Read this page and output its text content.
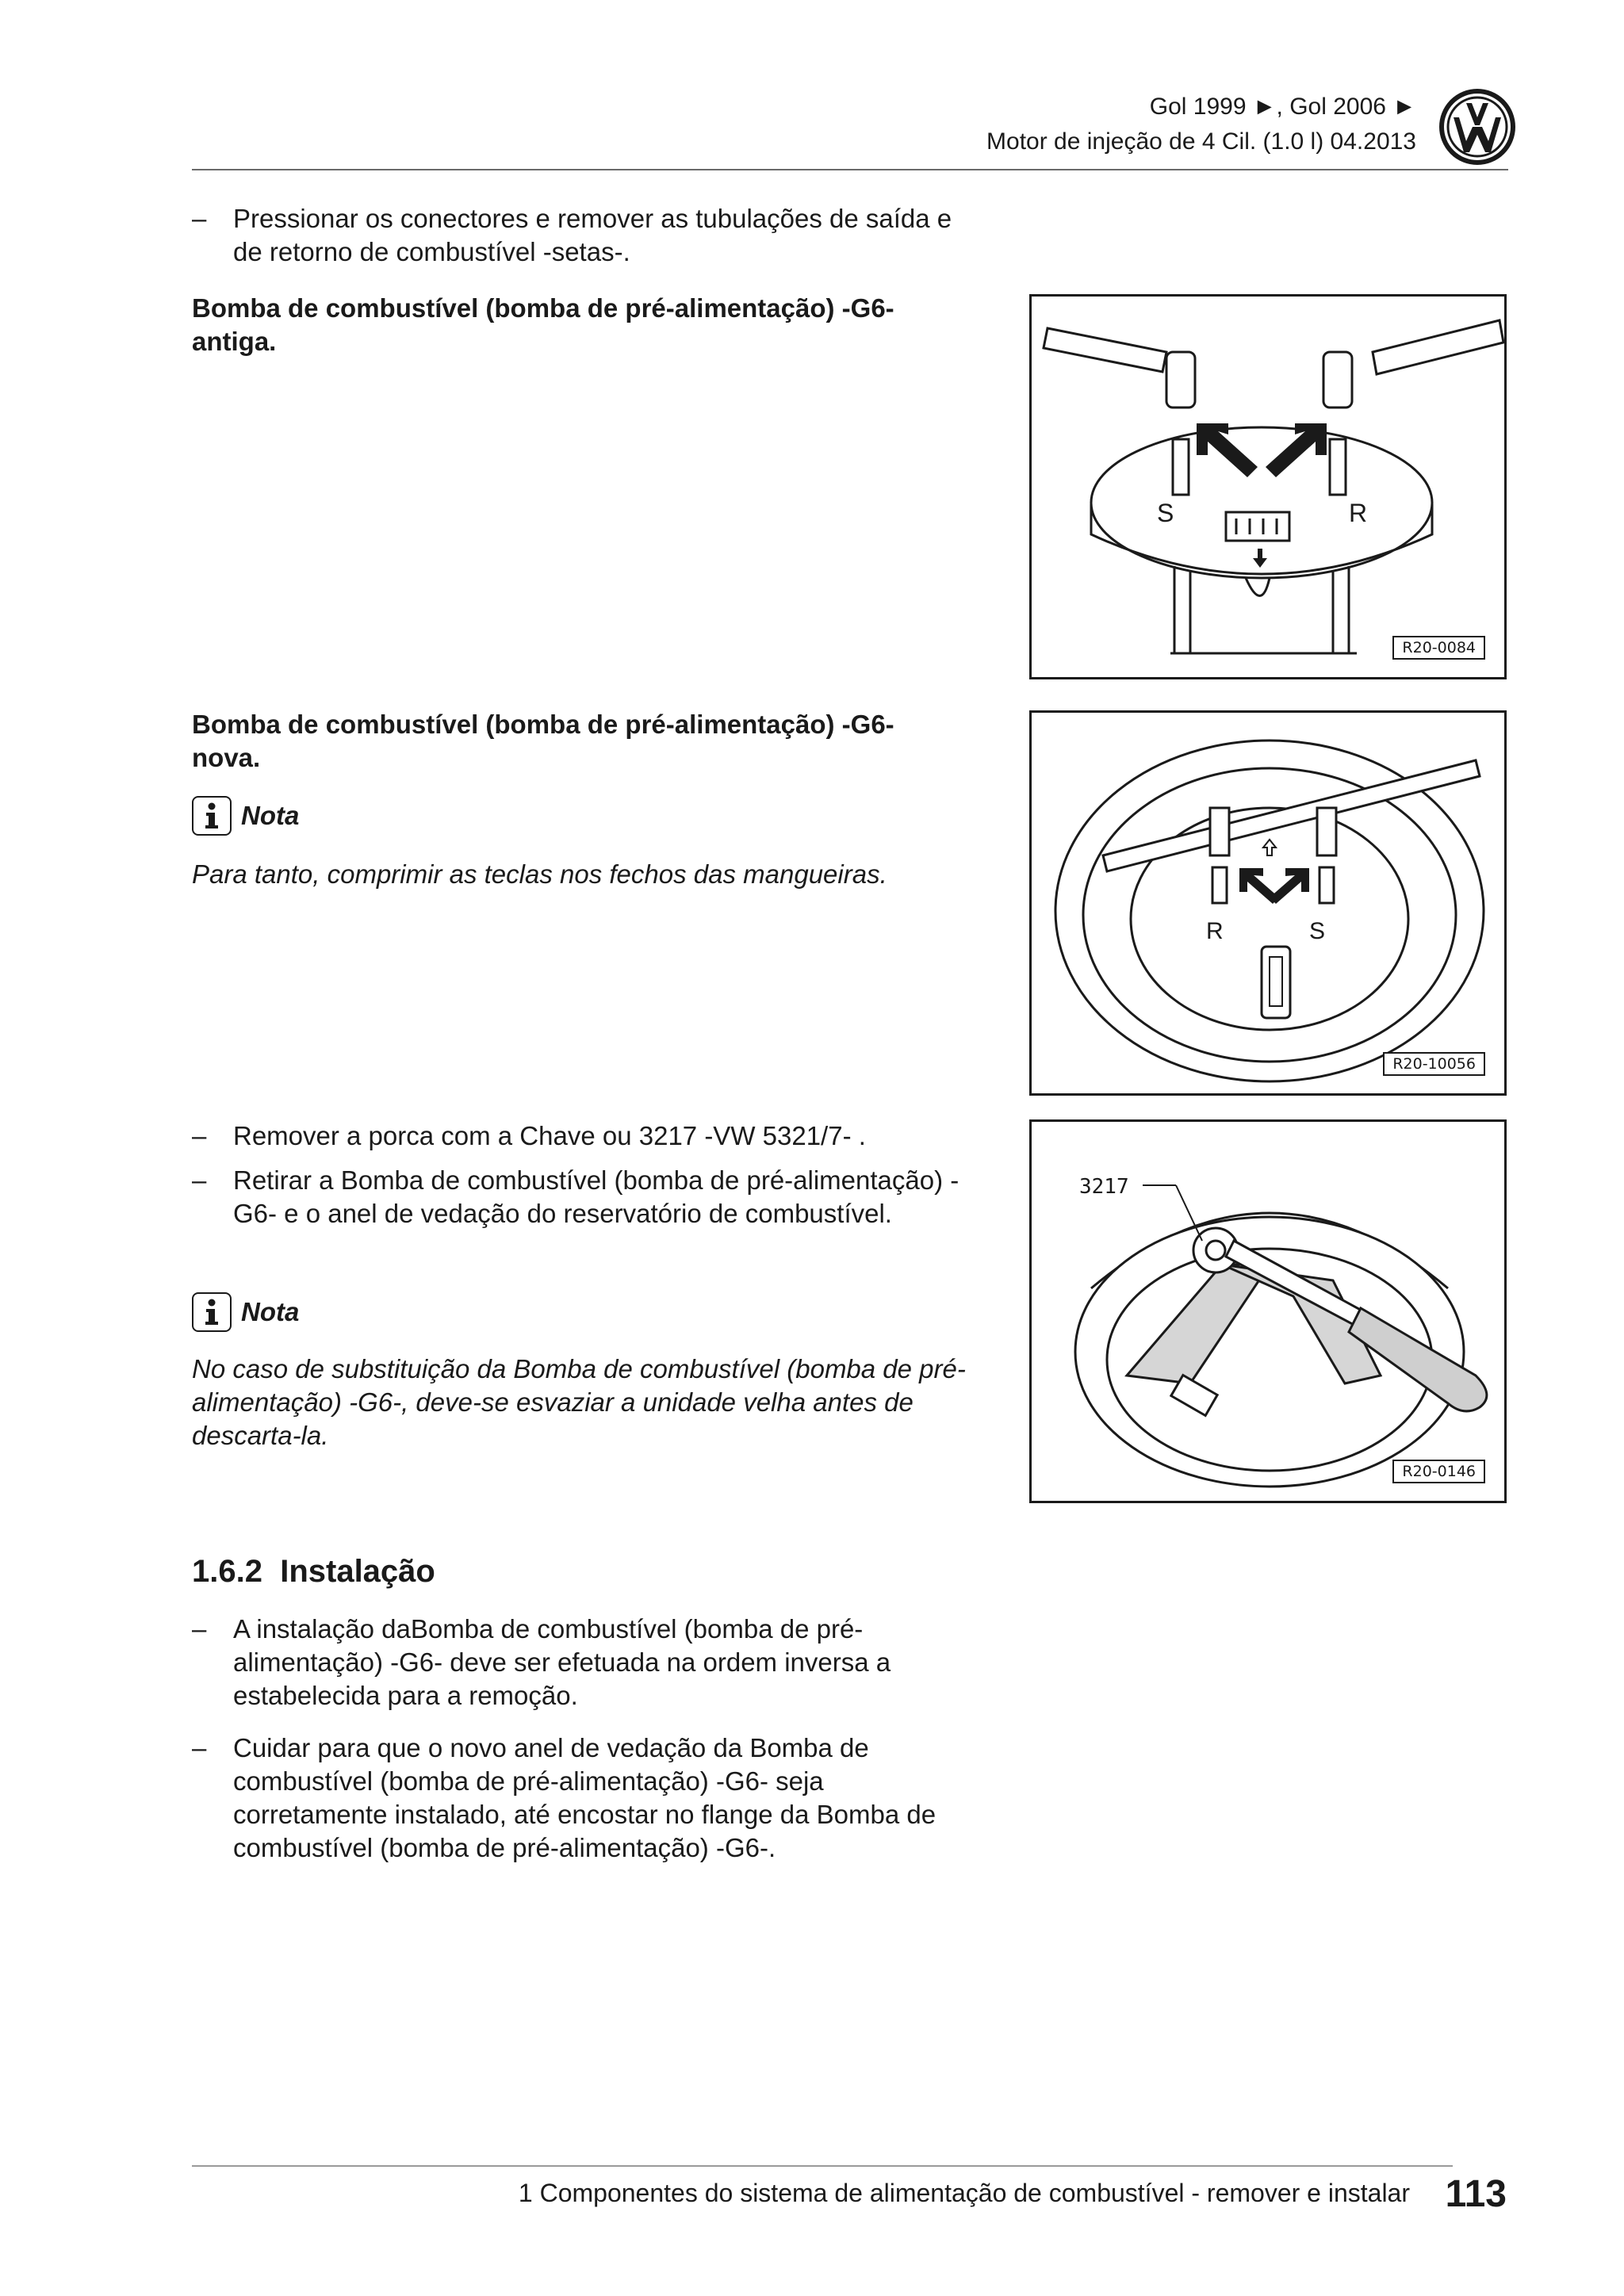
Gol 1999 ►, Gol 2006 ►
Motor de injeção de 4 Cil. (1.0 l) 04.2013
– Pressionar os conectores e remover as tubulações de saída e de retorno de combustível -setas-.
Bomba de combustível (bomba de pré-alimentação) -G6- antiga.
S	R
R20-0084
Bomba de combustível (bomba de pré-alimentação) -G6- nova.
Nota
Para tanto, comprimir as teclas nos fechos das mangueiras.
R	S
R20-10056
– Remover a porca com a Chave ou 3217 -VW 5321/7- .
– Retirar a Bomba de combustível (bomba de pré-alimentação) -G6- e o anel de vedação do reservatório de combustível.
Nota
No caso de substituição da Bomba de combustível (bomba de pré-alimentação) -G6-, deve-se esvaziar a unidade velha antes de descarta-la.
3217
R20-0146
1.6.2 Instalação
– A instalação daBomba de combustível (bomba de pré-alimentação) -G6- deve ser efetuada na ordem inversa a estabelecida para a remoção.
– Cuidar para que o novo anel de vedação da Bomba de combustível (bomba de pré-alimentação) -G6- seja corretamente instalado, até encostar no flange da Bomba de combustível (bomba de pré-alimentação) -G6-.
1 Componentes do sistema de alimentação de combustível - remover e instalar 113
